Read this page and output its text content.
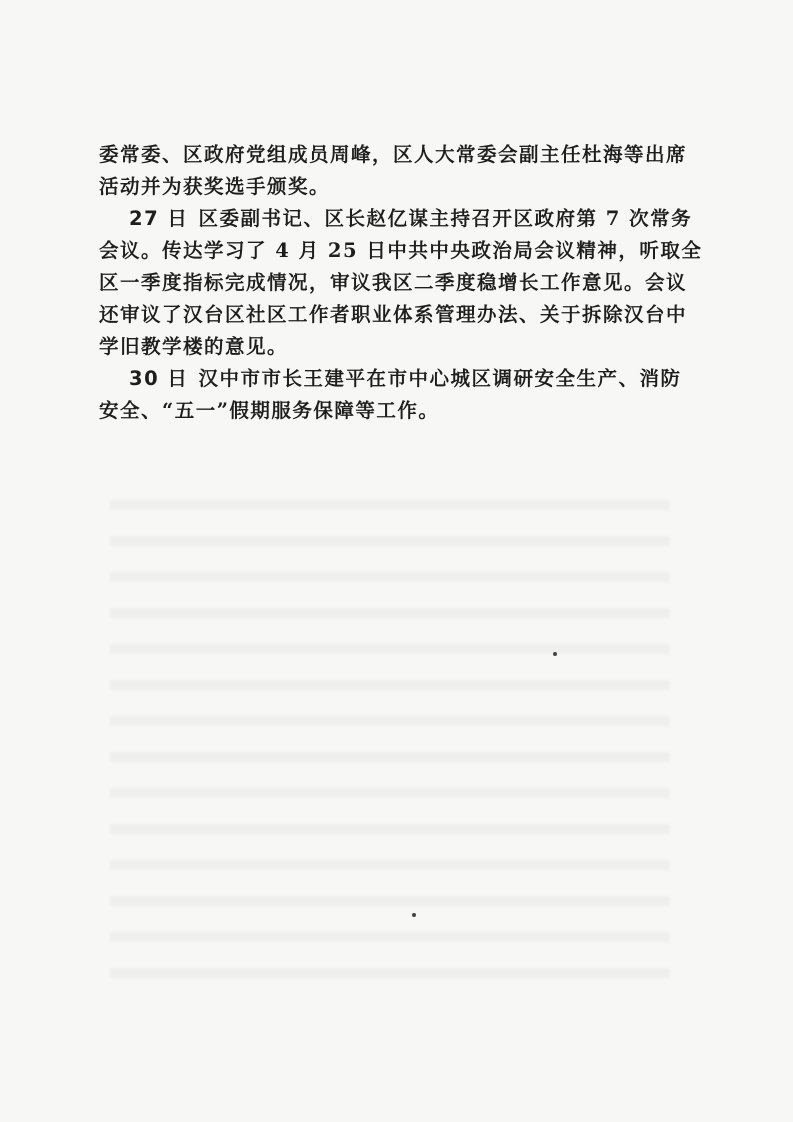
委常委、区政府党组成员周峰，区人大常委会副主任杜海等出席
活动并为获奖选手颁奖。

27 日 区委副书记、区长赵亿谋主持召开区政府第 7 次常务
会议。传达学习了 4 月 25 日中共中央政治局会议精神，听取全
区一季度指标完成情况，审议我区二季度稳增长工作意见。会议
还审议了汉台区社区工作者职业体系管理办法、关于拆除汉台中
学旧教学楼的意见。

30 日 汉中市市长王建平在市中心城区调研安全生产、消防
安全、“五一”假期服务保障等工作。
